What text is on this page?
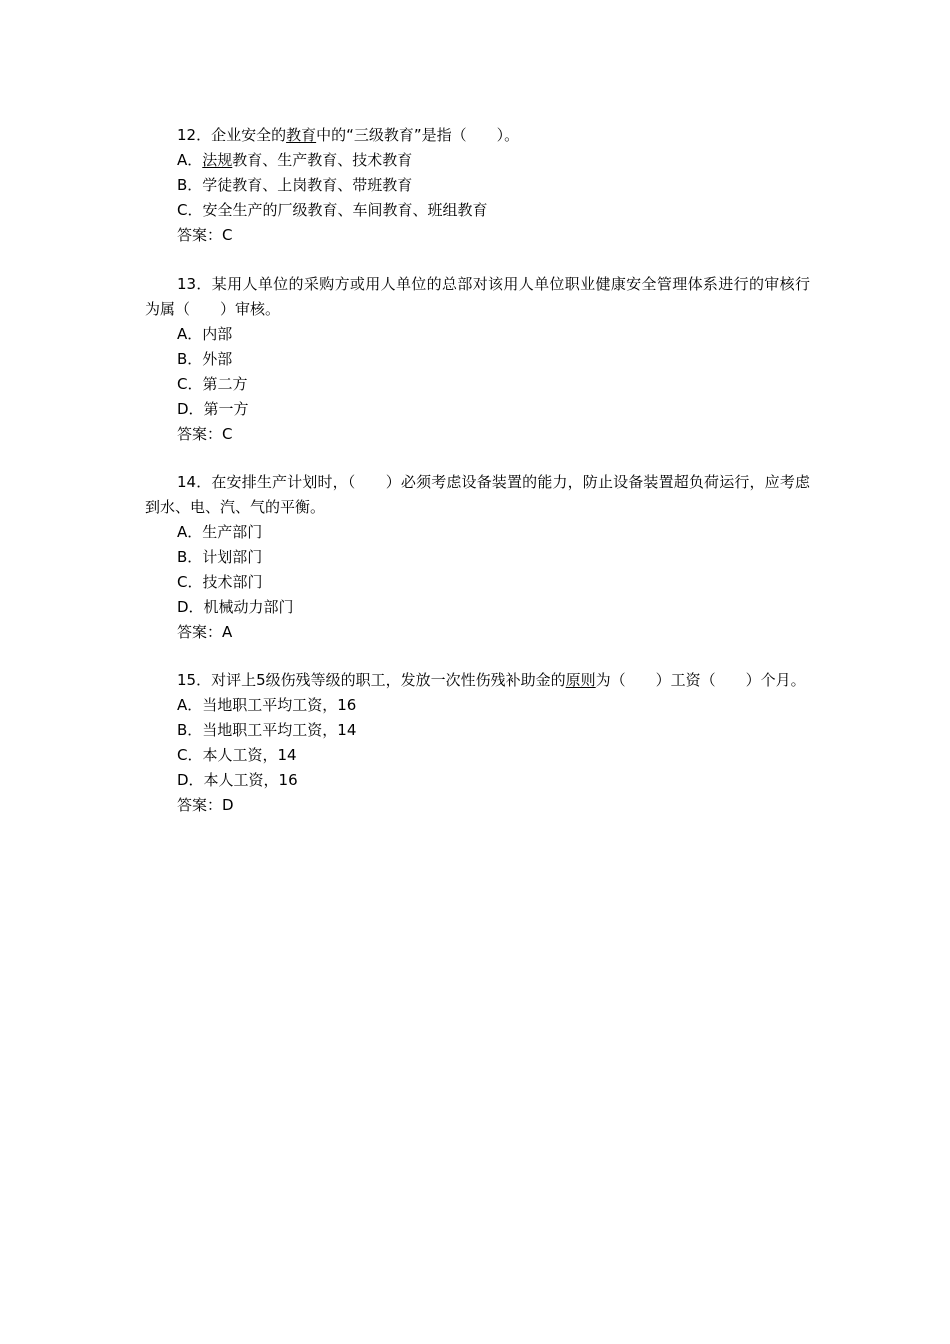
12．企业安全的教育中的“三级教育”是指（　　）。

A．法规教育、生产教育、技术教育

B．学徒教育、上岗教育、带班教育

C．安全生产的厂级教育、车间教育、班组教育

答案：C

13．某用人单位的采购方或用人单位的总部对该用人单位职业健康安全管理体系进行的审核行为属（　　）审核。

A．内部

B．外部

C．第二方

D．第一方

答案：C

14．在安排生产计划时，（　　）必须考虑设备装置的能力，防止设备装置超负荷运行，应考虑到水、电、汽、气的平衡。

A．生产部门

B．计划部门

C．技术部门

D．机械动力部门

答案：A

15．对评上5级伤残等级的职工，发放一次性伤残补助金的原则为（　　）工资（　　）个月。

A．当地职工平均工资，16

B．当地职工平均工资，14

C．本人工资，14

D．本人工资，16

答案：D
